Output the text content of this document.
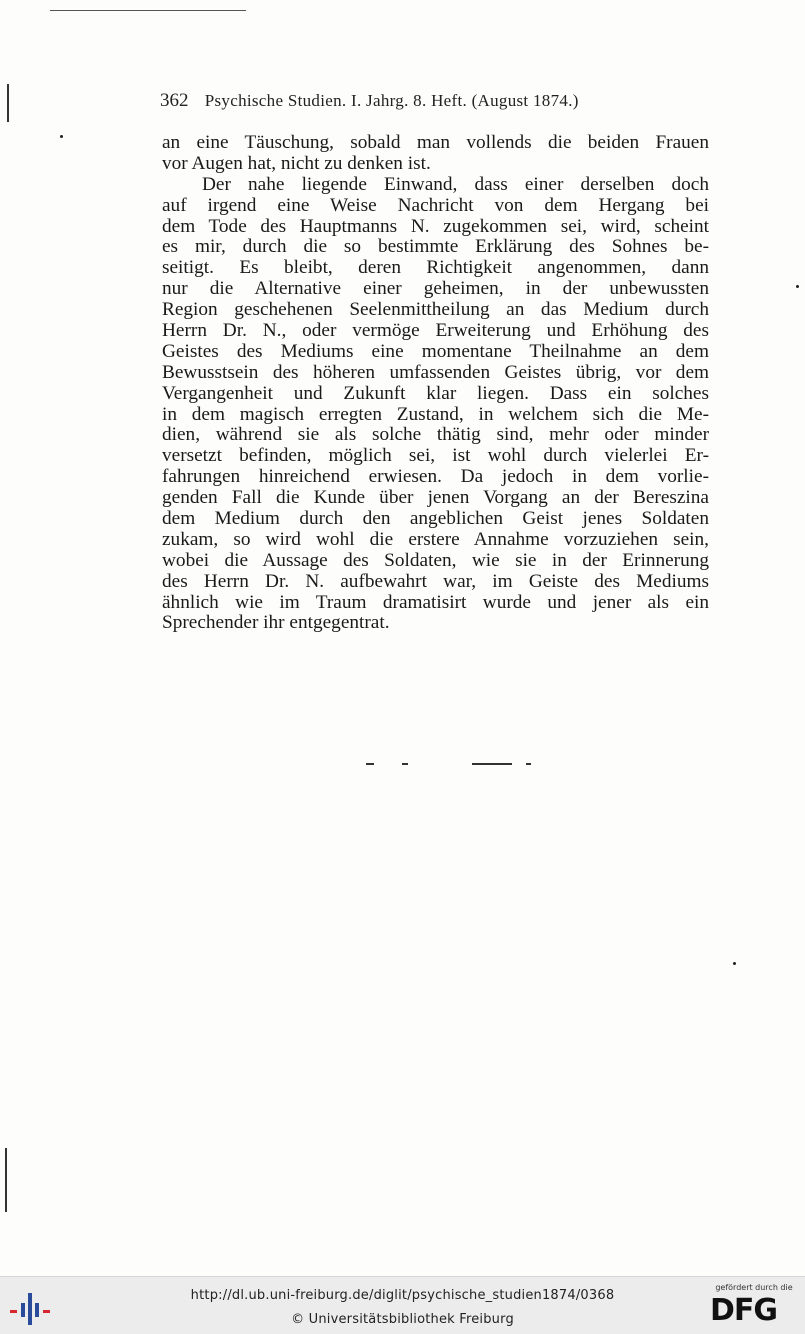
362 Psychische Studien. I. Jahrg. 8. Heft. (August 1874.)
an eine Täuschung, sobald man vollends die beiden Frauen
vor Augen hat, nicht zu denken ist.
Der nahe liegende Einwand, dass einer derselben doch
auf irgend eine Weise Nachricht von dem Hergang bei
dem Tode des Hauptmanns N. zugekommen sei, wird, scheint
es mir, durch die so bestimmte Erklärung des Sohnes be-
seitigt. Es bleibt, deren Richtigkeit angenommen, dann
nur die Alternative einer geheimen, in der unbewussten
Region geschehenen Seelenmittheilung an das Medium durch
Herrn Dr. N., oder vermöge Erweiterung und Erhöhung des
Geistes des Mediums eine momentane Theilnahme an dem
Bewusstsein des höheren umfassenden Geistes übrig, vor dem
Vergangenheit und Zukunft klar liegen. Dass ein solches
in dem magisch erregten Zustand, in welchem sich die Me-
dien, während sie als solche thätig sind, mehr oder minder
versetzt befinden, möglich sei, ist wohl durch vielerlei Er-
fahrungen hinreichend erwiesen. Da jedoch in dem vorlie-
genden Fall die Kunde über jenen Vorgang an der Bereszina
dem Medium durch den angeblichen Geist jenes Soldaten
zukam, so wird wohl die erstere Annahme vorzuziehen sein,
wobei die Aussage des Soldaten, wie sie in der Erinnerung
des Herrn Dr. N. aufbewahrt war, im Geiste des Mediums
ähnlich wie im Traum dramatisirt wurde und jener als ein
Sprechender ihr entgegentrat.
http://dl.ub.uni-freiburg.de/diglit/psychische_studien1874/0368
© Universitätsbibliothek Freiburg
gefördert durch die
DFG
